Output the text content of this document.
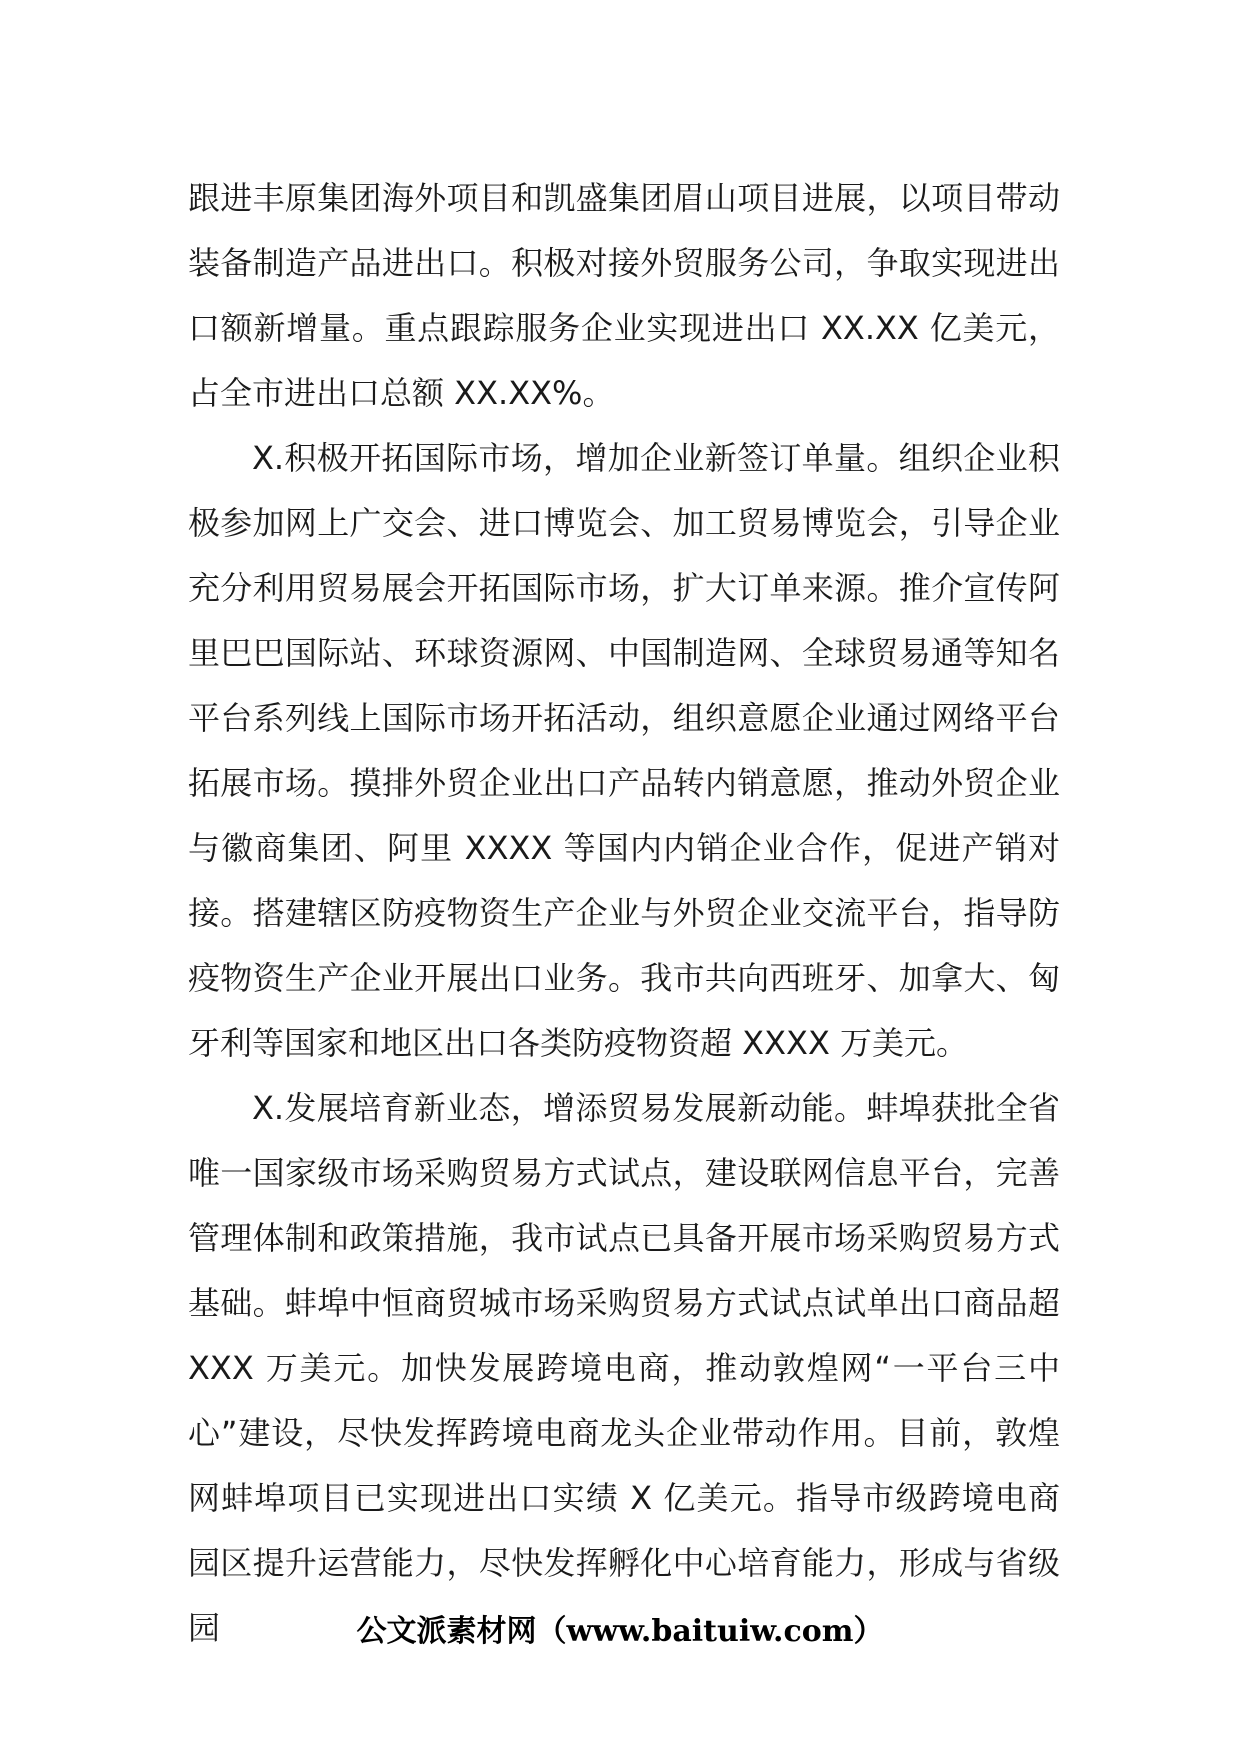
跟进丰原集团海外项目和凯盛集团眉山项目进展，以项目带动装备制造产品进出口。积极对接外贸服务公司，争取实现进出口额新增量。重点跟踪服务企业实现进出口 XX.XX 亿美元，占全市进出口总额 XX.XX%。

X.积极开拓国际市场，增加企业新签订单量。组织企业积极参加网上广交会、进口博览会、加工贸易博览会，引导企业充分利用贸易展会开拓国际市场，扩大订单来源。推介宣传阿里巴巴国际站、环球资源网、中国制造网、全球贸易通等知名平台系列线上国际市场开拓活动，组织意愿企业通过网络平台拓展市场。摸排外贸企业出口产品转内销意愿，推动外贸企业与徽商集团、阿里 XXXX 等国内内销企业合作，促进产销对接。搭建辖区防疫物资生产企业与外贸企业交流平台，指导防疫物资生产企业开展出口业务。我市共向西班牙、加拿大、匈牙利等国家和地区出口各类防疫物资超 XXXX 万美元。

X.发展培育新业态，增添贸易发展新动能。蚌埠获批全省唯一国家级市场采购贸易方式试点，建设联网信息平台，完善管理体制和政策措施，我市试点已具备开展市场采购贸易方式基础。蚌埠中恒商贸城市场采购贸易方式试点试单出口商品超 XXX 万美元。加快发展跨境电商，推动敦煌网“一平台三中心”建设，尽快发挥跨境电商龙头企业带动作用。目前，敦煌网蚌埠项目已实现进出口实绩 X 亿美元。指导市级跨境电商园区提升运营能力，尽快发挥孵化中心培育能力，形成与省级园	公文派素材网（www.baituiw.com）
